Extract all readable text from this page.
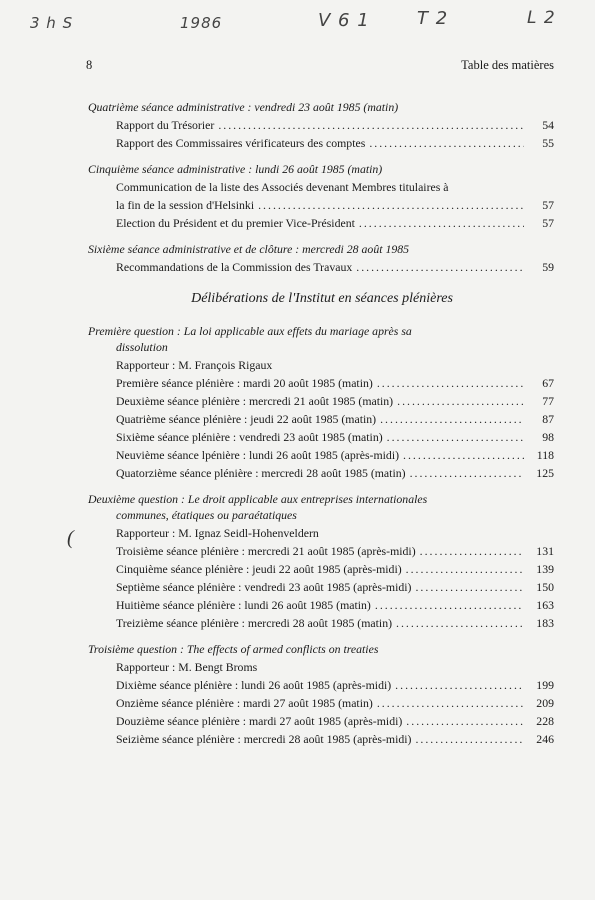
3 h S	1986	V 6 1	T 2	L 2
(
8	Table des matières
Quatrième séance administrative : vendredi 23 août 1985 (matin)
Rapport du Trésorier .....	54
Rapport des Commissaires vérificateurs des comptes .....	55
Cinquième séance administrative : lundi 26 août 1985 (matin)
Communication de la liste des Associés devenant Membres titulaires à
la fin de la session d'Helsinki .....	57
Election du Président et du premier Vice-Président .....	57
Sixième séance administrative et de clôture : mercredi 28 août 1985
Recommandations de la Commission des Travaux .....	59
Délibérations de l'Institut en séances plénières
Première question : La loi applicable aux effets du mariage après sa
dissolution
Rapporteur : M. François Rigaux
Première séance plénière : mardi 20 août 1985 (matin) .....	67
Deuxième séance plénière : mercredi 21 août 1985 (matin) .....	77
Quatrième séance plénière : jeudi 22 août 1985 (matin) .....	87
Sixième séance plénière : vendredi 23 août 1985 (matin) .....	98
Neuvième séance lpénière : lundi 26 août 1985 (après-midi) .....	118
Quatorzième séance plénière : mercredi 28 août 1985 (matin) .....	125
Deuxième question : Le droit applicable aux entreprises internationales
communes, étatiques ou paraétatiques
Rapporteur : M. Ignaz Seidl-Hohenveldern
Troisième séance plénière : mercredi 21 août 1985 (après-midi) .....	131
Cinquième séance plénière : jeudi 22 août 1985 (après-midi) .....	139
Septième séance plénière : vendredi 23 août 1985 (après-midi) .....	150
Huitième séance plénière : lundi 26 août 1985 (matin) .....	163
Treizième séance plénière : mercredi 28 août 1985 (matin) .....	183
Troisième question : The effects of armed conflicts on treaties
Rapporteur : M. Bengt Broms
Dixième séance plénière : lundi 26 août 1985 (après-midi) .....	199
Onzième séance plénière : mardi 27 août 1985 (matin) .....	209
Douzième séance plénière : mardi 27 août 1985 (après-midi) .....	228
Seizième séance plénière : mercredi 28 août 1985 (après-midi) .....	246
